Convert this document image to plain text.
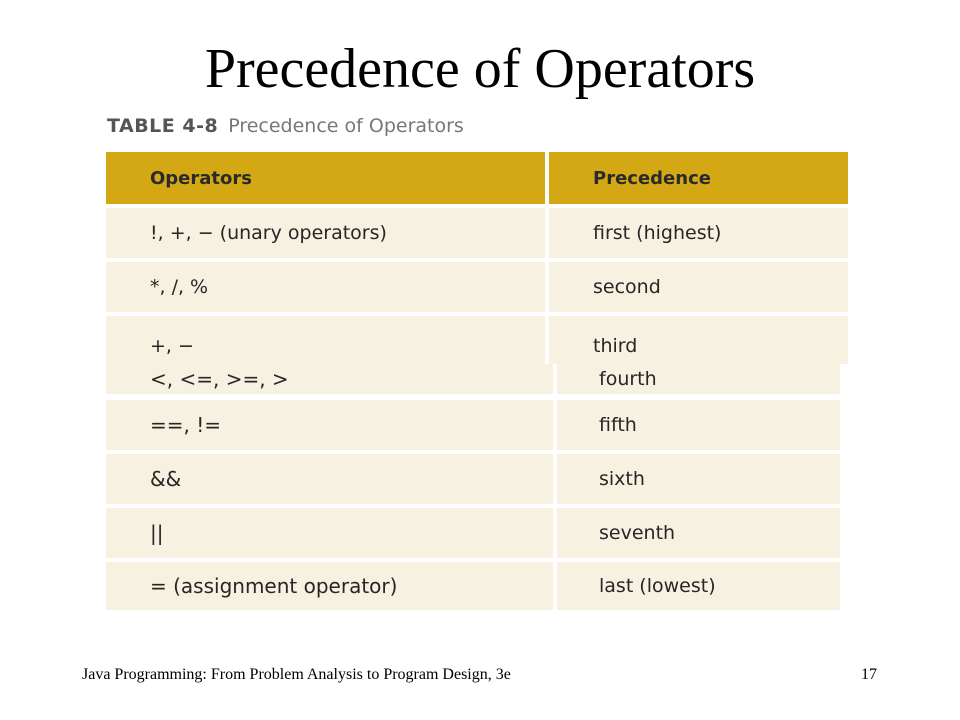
Precedence of Operators
TABLE 4-8 Precedence of Operators
Operators	Precedence
!, +, − (unary operators)	first (highest)
*, /, %	second
+, −	third
<, <=, >=, >	fourth
==, !=	fifth
&&	sixth
||	seventh
= (assignment operator)	last (lowest)
Java Programming: From Problem Analysis to Program Design, 3e	17
